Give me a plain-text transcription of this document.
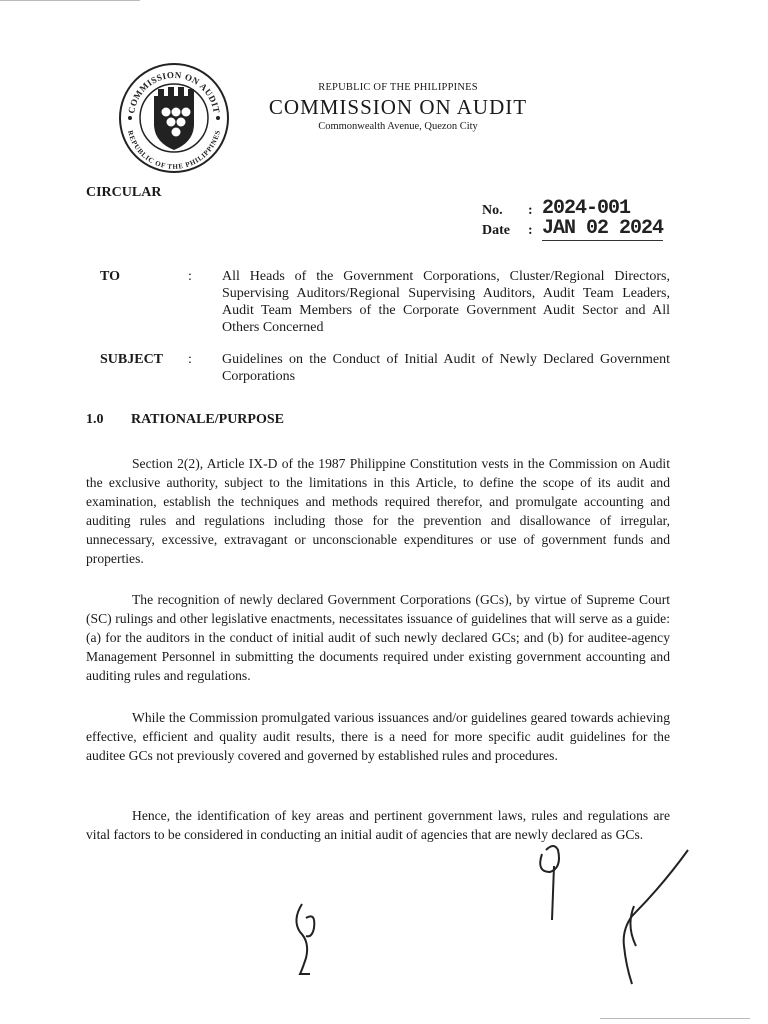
COMMISSION ON AUDIT
REPUBLIC OF THE PHILIPPINES
REPUBLIC OF THE PHILIPPINES
COMMISSION ON AUDIT
Commonwealth Avenue, Quezon City
CIRCULAR
No.	: 2024-001
Date	: JAN 02 2024
TO	: All Heads of the Government Corporations, Cluster/Regional Directors, Supervising Auditors/Regional Supervising Auditors, Audit Team Leaders, Audit Team Members of the Corporate Government Audit Sector and All Others Concerned
SUBJECT : Guidelines on the Conduct of Initial Audit of Newly Declared Government Corporations
1.0 RATIONALE/PURPOSE

Section 2(2), Article IX-D of the 1987 Philippine Constitution vests in the Commission on Audit the exclusive authority, subject to the limitations in this Article, to define the scope of its audit and examination, establish the techniques and methods required therefor, and promulgate accounting and auditing rules and regulations including those for the prevention and disallowance of irregular, unnecessary, excessive, extravagant or unconscionable expenditures or use of government funds and properties.

The recognition of newly declared Government Corporations (GCs), by virtue of Supreme Court (SC) rulings and other legislative enactments, necessitates issuance of guidelines that will serve as a guide: (a) for the auditors in the conduct of initial audit of such newly declared GCs; and (b) for auditee-agency Management Personnel in submitting the documents required under existing government accounting and auditing rules and regulations.

While the Commission promulgated various issuances and/or guidelines geared towards achieving effective, efficient and quality audit results, there is a need for more specific audit guidelines for the auditee GCs not previously covered and governed by established rules and procedures.

Hence, the identification of key areas and pertinent government laws, rules and regulations are vital factors to be considered in conducting an initial audit of agencies that are newly declared as GCs.
